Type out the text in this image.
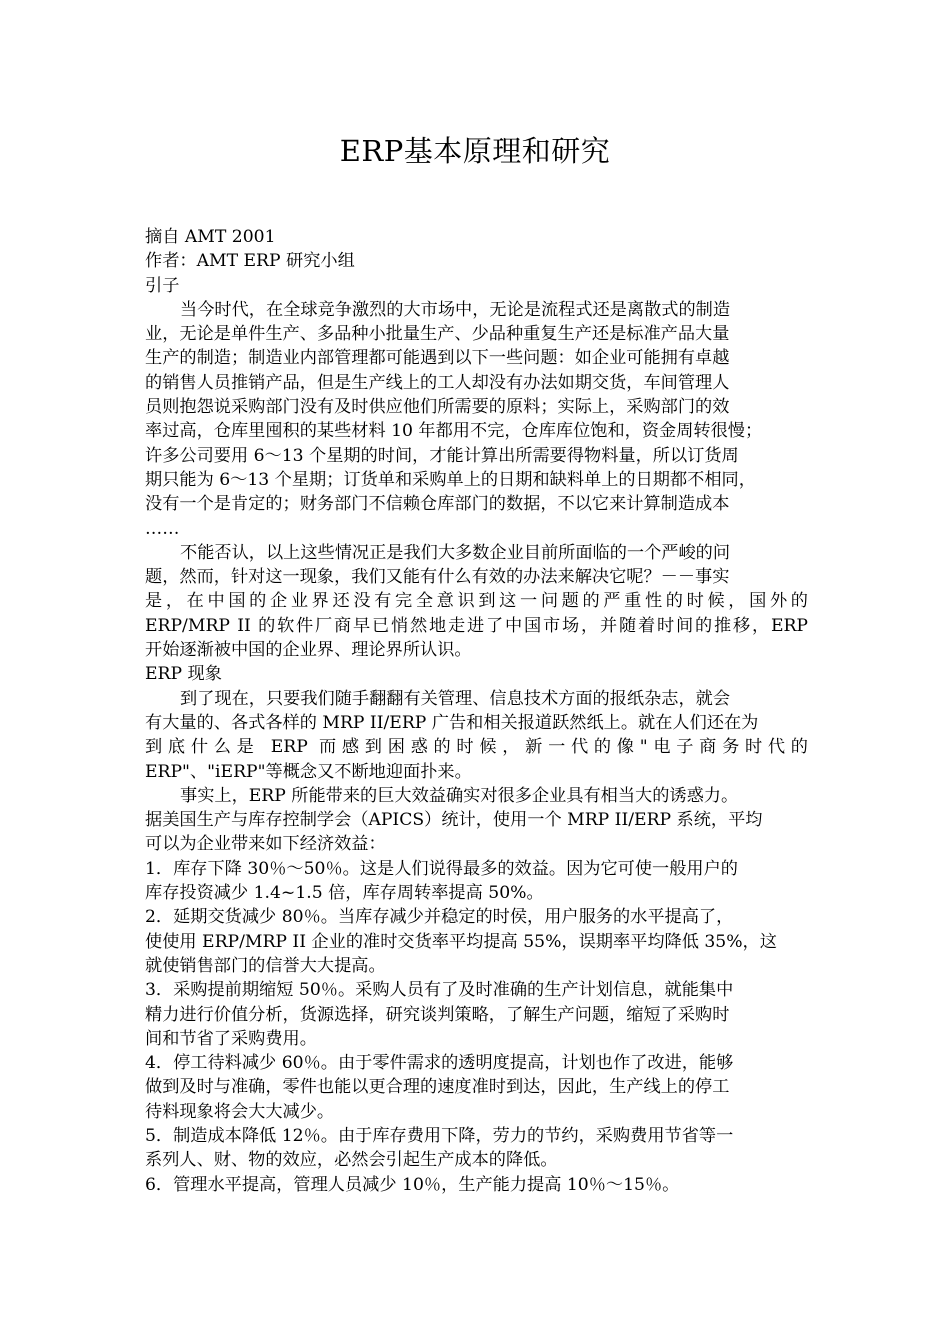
ERP基本原理和研究
摘自 AMT 2001
作者：AMT ERP 研究小组
引子
当今时代，在全球竞争激烈的大市场中，无论是流程式还是离散式的制造
业，无论是单件生产、多品种小批量生产、少品种重复生产还是标准产品大量
生产的制造；制造业内部管理都可能遇到以下一些问题：如企业可能拥有卓越
的销售人员推销产品，但是生产线上的工人却没有办法如期交货，车间管理人
员则抱怨说采购部门没有及时供应他们所需要的原料；实际上，采购部门的效
率过高，仓库里囤积的某些材料 10 年都用不完，仓库库位饱和，资金周转很慢；
许多公司要用 6～13 个星期的时间，才能计算出所需要得物料量，所以订货周
期只能为 6～13 个星期；订货单和采购单上的日期和缺料单上的日期都不相同，
没有一个是肯定的；财务部门不信赖仓库部门的数据，不以它来计算制造成本
……
不能否认，以上这些情况正是我们大多数企业目前所面临的一个严峻的问
题，然而，针对这一现象，我们又能有什么有效的办法来解决它呢？－－事实
是，在中国的企业界还没有完全意识到这一问题的严重性的时候，国外的
ERP/MRP II 的软件厂商早已悄然地走进了中国市场，并随着时间的推移，ERP
开始逐渐被中国的企业界、理论界所认识。
ERP 现象
到了现在，只要我们随手翻翻有关管理、信息技术方面的报纸杂志，就会
有大量的、各式各样的 MRP II/ERP 广告和相关报道跃然纸上。就在人们还在为
到底什么是 ERP 而感到困惑的时候，新一代的像"电子商务时代的
ERP"、"iERP"等概念又不断地迎面扑来。
事实上，ERP 所能带来的巨大效益确实对很多企业具有相当大的诱惑力。
据美国生产与库存控制学会（APICS）统计，使用一个 MRP II/ERP 系统，平均
可以为企业带来如下经济效益：
1．库存下降 30％～50％。这是人们说得最多的效益。因为它可使一般用户的
库存投资减少 1.4~1.5 倍，库存周转率提高 50%。
2．延期交货减少 80％。当库存减少并稳定的时侯，用户服务的水平提高了，
使使用 ERP/MRP II 企业的准时交货率平均提高 55%，误期率平均降低 35%，这
就使销售部门的信誉大大提高。
3．采购提前期缩短 50％。采购人员有了及时准确的生产计划信息，就能集中
精力进行价值分析，货源选择，研究谈判策略，了解生产问题，缩短了采购时
间和节省了采购费用。
4．停工待料减少 60％。由于零件需求的透明度提高，计划也作了改进，能够
做到及时与准确，零件也能以更合理的速度准时到达，因此，生产线上的停工
待料现象将会大大减少。
5．制造成本降低 12％。由于库存费用下降，劳力的节约，采购费用节省等一
系列人、财、物的效应，必然会引起生产成本的降低。
6．管理水平提高，管理人员减少 10％，生产能力提高 10％～15％。
